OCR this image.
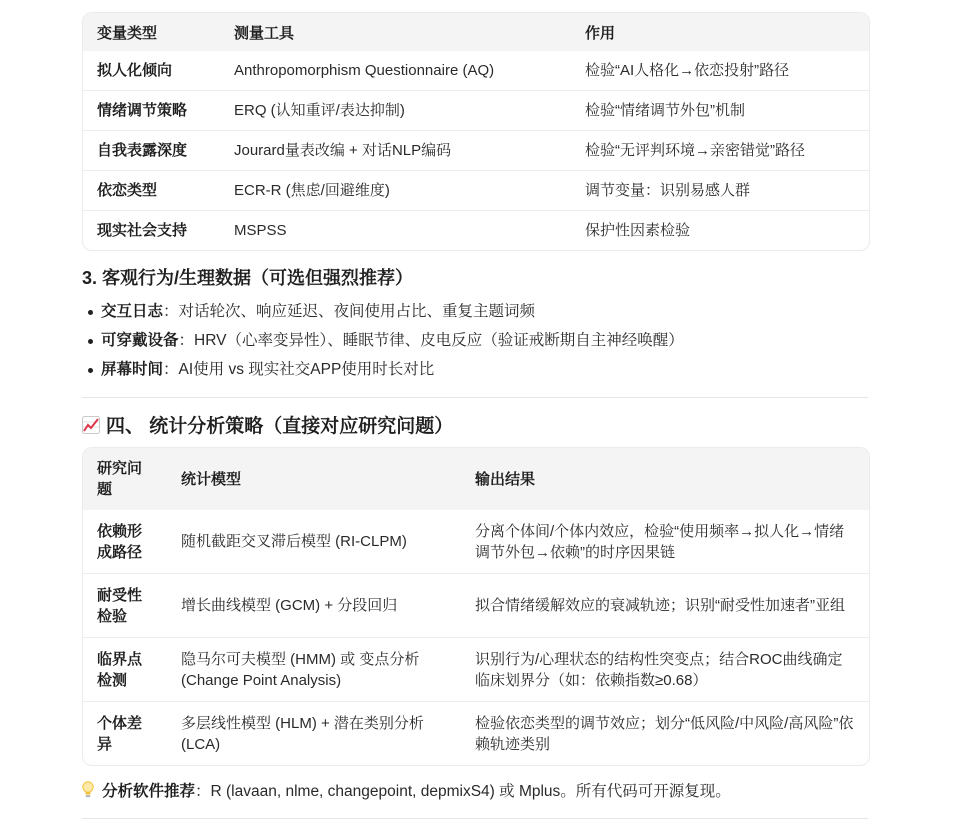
变量类型	测量工具	作用
拟人化倾向	Anthropomorphism Questionnaire (AQ)	检验“AI人格化→依恋投射”路径
情绪调节策略	ERQ (认知重评/表达抑制)	检验“情绪调节外包”机制
自我表露深度	Jourard量表改编 + 对话NLP编码	检验“无评判环境→亲密错觉”路径
依恋类型	ECR-R (焦虑/回避维度)	调节变量：识别易感人群
现实社会支持	MSPSS	保护性因素检验
3. 客观行为/生理数据（可选但强烈推荐）
交互日志：对话轮次、响应延迟、夜间使用占比、重复主题词频
可穿戴设备：HRV（心率变异性）、睡眠节律、皮电反应（验证戒断期自主神经唤醒）
屏幕时间：AI使用 vs 现实社交APP使用时长对比
四、 统计分析策略（直接对应研究问题）
研究问题	统计模型	输出结果
依赖形成路径	随机截距交叉滞后模型 (RI-CLPM)	分离个体间/个体内效应，检验“使用频率→拟人化→情绪调节外包→依赖”的时序因果链
耐受性检验	增长曲线模型 (GCM) + 分段回归	拟合情绪缓解效应的衰减轨迹；识别“耐受性加速者”亚组
临界点检测	隐马尔可夫模型 (HMM) 或 变点分析 (Change Point Analysis)	识别行为/心理状态的结构性突变点；结合ROC曲线确定临床划界分（如：依赖指数≥0.68）
个体差异	多层线性模型 (HLM) + 潜在类别分析 (LCA)	检验依恋类型的调节效应；划分“低风险/中风险/高风险”依赖轨迹类别
分析软件推荐 ：R (lavaan, nlme, changepoint, depmixS4) 或 Mplus。所有代码可开源复现。
